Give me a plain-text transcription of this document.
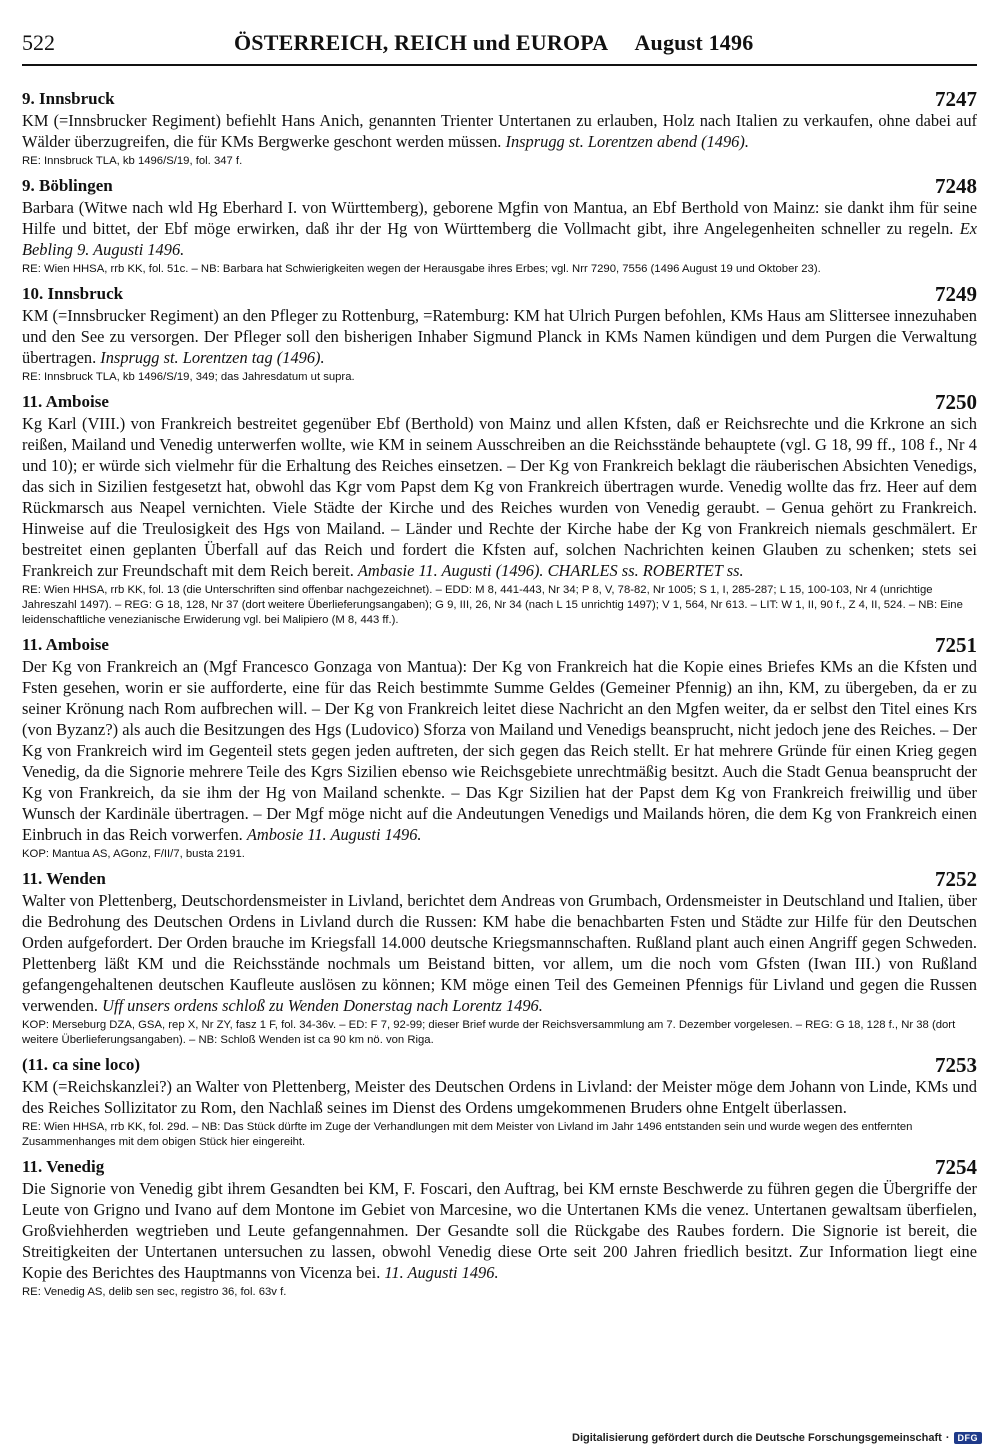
522	ÖSTERREICH, REICH und EUROPA     August 1496
9. Innsbruck	7247

KM (=Innsbrucker Regiment) befiehlt Hans Anich, genannten Trienter Untertanen zu erlauben, Holz nach Italien zu verkaufen, ohne dabei auf Wälder überzugreifen, die für KMs Bergwerke geschont werden müssen. Insprugg st. Lorentzen abend (1496).

RE: Innsbruck TLA, kb 1496/S/19, fol. 347 f.

9. Böblingen	7248

Barbara (Witwe nach wld Hg Eberhard I. von Württemberg), geborene Mgfin von Mantua, an Ebf Berthold von Mainz: sie dankt ihm für seine Hilfe und bittet, der Ebf möge erwirken, daß ihr der Hg von Württemberg die Vollmacht gibt, ihre Angelegenheiten schneller zu regeln. Ex Bebling 9. Augusti 1496.

RE: Wien HHSA, rrb KK, fol. 51c. – NB: Barbara hat Schwierigkeiten wegen der Herausgabe ihres Erbes; vgl. Nrr 7290, 7556 (1496 August 19 und Oktober 23).

10. Innsbruck	7249

KM (=Innsbrucker Regiment) an den Pfleger zu Rottenburg, =Ratemburg: KM hat Ulrich Purgen befohlen, KMs Haus am Slittersee innezuhaben und den See zu versorgen. Der Pfleger soll den bisherigen Inhaber Sigmund Planck in KMs Namen kündigen und dem Purgen die Verwaltung übertragen. Insprugg st. Lorentzen tag (1496).

RE: Innsbruck TLA, kb 1496/S/19, 349; das Jahresdatum ut supra.

11. Amboise	7250

Kg Karl (VIII.) von Frankreich bestreitet gegenüber Ebf (Berthold) von Mainz und allen Kfsten, daß er Reichsrechte und die Krkrone an sich reißen, Mailand und Venedig unterwerfen wollte, wie KM in seinem Ausschreiben an die Reichsstände behauptete (vgl. G 18, 99 ff., 108 f., Nr 4 und 10); er würde sich vielmehr für die Erhaltung des Reiches einsetzen. – Der Kg von Frankreich beklagt die räuberischen Absichten Venedigs, das sich in Sizilien festgesetzt hat, obwohl das Kgr vom Papst dem Kg von Frankreich übertragen wurde. Venedig wollte das frz. Heer auf dem Rückmarsch aus Neapel vernichten. Viele Städte der Kirche und des Reiches wurden von Venedig geraubt. – Genua gehört zu Frankreich. Hinweise auf die Treulosigkeit des Hgs von Mailand. – Länder und Rechte der Kirche habe der Kg von Frankreich niemals geschmälert. Er bestreitet einen geplanten Überfall auf das Reich und fordert die Kfsten auf, solchen Nachrichten keinen Glauben zu schenken; stets sei Frankreich zur Freundschaft mit dem Reich bereit. Ambasie 11. Augusti (1496). CHARLES ss. ROBERTET ss.

RE: Wien HHSA, rrb KK, fol. 13 (die Unterschriften sind offenbar nachgezeichnet). – EDD: M 8, 441-443, Nr 34; P 8, V, 78-82, Nr 1005; S 1, I, 285-287; L 15, 100-103, Nr 4 (unrichtige Jahreszahl 1497). – REG: G 18, 128, Nr 37 (dort weitere Überlieferungsangaben); G 9, III, 26, Nr 34 (nach L 15 unrichtig 1497); V 1, 564, Nr 613. – LIT: W 1, II, 90 f., Z 4, II, 524. – NB: Eine leidenschaftliche venezianische Erwiderung vgl. bei Malipiero (M 8, 443 ff.).

11. Amboise	7251

Der Kg von Frankreich an (Mgf Francesco Gonzaga von Mantua): Der Kg von Frankreich hat die Kopie eines Briefes KMs an die Kfsten und Fsten gesehen, worin er sie aufforderte, eine für das Reich bestimmte Summe Geldes (Gemeiner Pfennig) an ihn, KM, zu übergeben, da er zu seiner Krönung nach Rom aufbrechen will. – Der Kg von Frankreich leitet diese Nachricht an den Mgfen weiter, da er selbst den Titel eines Krs (von Byzanz?) als auch die Besitzungen des Hgs (Ludovico) Sforza von Mailand und Venedigs beansprucht, nicht jedoch jene des Reiches. – Der Kg von Frankreich wird im Gegenteil stets gegen jeden auftreten, der sich gegen das Reich stellt. Er hat mehrere Gründe für einen Krieg gegen Venedig, da die Signorie mehrere Teile des Kgrs Sizilien ebenso wie Reichsgebiete unrechtmäßig besitzt. Auch die Stadt Genua beansprucht der Kg von Frankreich, da sie ihm der Hg von Mailand schenkte. – Das Kgr Sizilien hat der Papst dem Kg von Frankreich freiwillig und über Wunsch der Kardinäle übertragen. – Der Mgf möge nicht auf die Andeutungen Venedigs und Mailands hören, die dem Kg von Frankreich einen Einbruch in das Reich vorwerfen. Ambosie 11. Augusti 1496.

KOP: Mantua AS, AGonz, F/II/7, busta 2191.

11. Wenden	7252

Walter von Plettenberg, Deutschordensmeister in Livland, berichtet dem Andreas von Grumbach, Ordensmeister in Deutschland und Italien, über die Bedrohung des Deutschen Ordens in Livland durch die Russen: KM habe die benachbarten Fsten und Städte zur Hilfe für den Deutschen Orden aufgefordert. Der Orden brauche im Kriegsfall 14.000 deutsche Kriegsmannschaften. Rußland plant auch einen Angriff gegen Schweden. Plettenberg läßt KM und die Reichsstände nochmals um Beistand bitten, vor allem, um die noch vom Gfsten (Iwan III.) von Rußland gefangengehaltenen deutschen Kaufleute auslösen zu können; KM möge einen Teil des Gemeinen Pfennigs für Livland und gegen die Russen verwenden. Uff unsers ordens schloß zu Wenden Donerstag nach Lorentz 1496.

KOP: Merseburg DZA, GSA, rep X, Nr ZY, fasz 1 F, fol. 34-36v. – ED: F 7, 92-99; dieser Brief wurde der Reichsversammlung am 7. Dezember vorgelesen. – REG: G 18, 128 f., Nr 38 (dort weitere Überlieferungsangaben). – NB: Schloß Wenden ist ca 90 km nö. von Riga.

(11. ca sine loco)	7253

KM (=Reichskanzlei?) an Walter von Plettenberg, Meister des Deutschen Ordens in Livland: der Meister möge dem Johann von Linde, KMs und des Reiches Sollizitator zu Rom, den Nachlaß seines im Dienst des Ordens umgekommenen Bruders ohne Entgelt überlassen.

RE: Wien HHSA, rrb KK, fol. 29d. – NB: Das Stück dürfte im Zuge der Verhandlungen mit dem Meister von Livland im Jahr 1496 entstanden sein und wurde wegen des entfernten Zusammenhanges mit dem obigen Stück hier eingereiht.

11. Venedig	7254

Die Signorie von Venedig gibt ihrem Gesandten bei KM, F. Foscari, den Auftrag, bei KM ernste Beschwerde zu führen gegen die Übergriffe der Leute von Grigno und Ivano auf dem Montone im Gebiet von Marcesine, wo die Untertanen KMs die venez. Untertanen gewaltsam überfielen, Großviehherden wegtrieben und Leute gefangennahmen. Der Gesandte soll die Rückgabe des Raubes fordern. Die Signorie ist bereit, die Streitigkeiten der Untertanen untersuchen zu lassen, obwohl Venedig diese Orte seit 200 Jahren friedlich besitzt. Zur Information liegt eine Kopie des Berichtes des Hauptmanns von Vicenza bei. 11. Augusti 1496.

RE: Venedig AS, delib sen sec, registro 36, fol. 63v f.

Digitalisierung gefördert durch die Deutsche Forschungsgemeinschaft · DFG
